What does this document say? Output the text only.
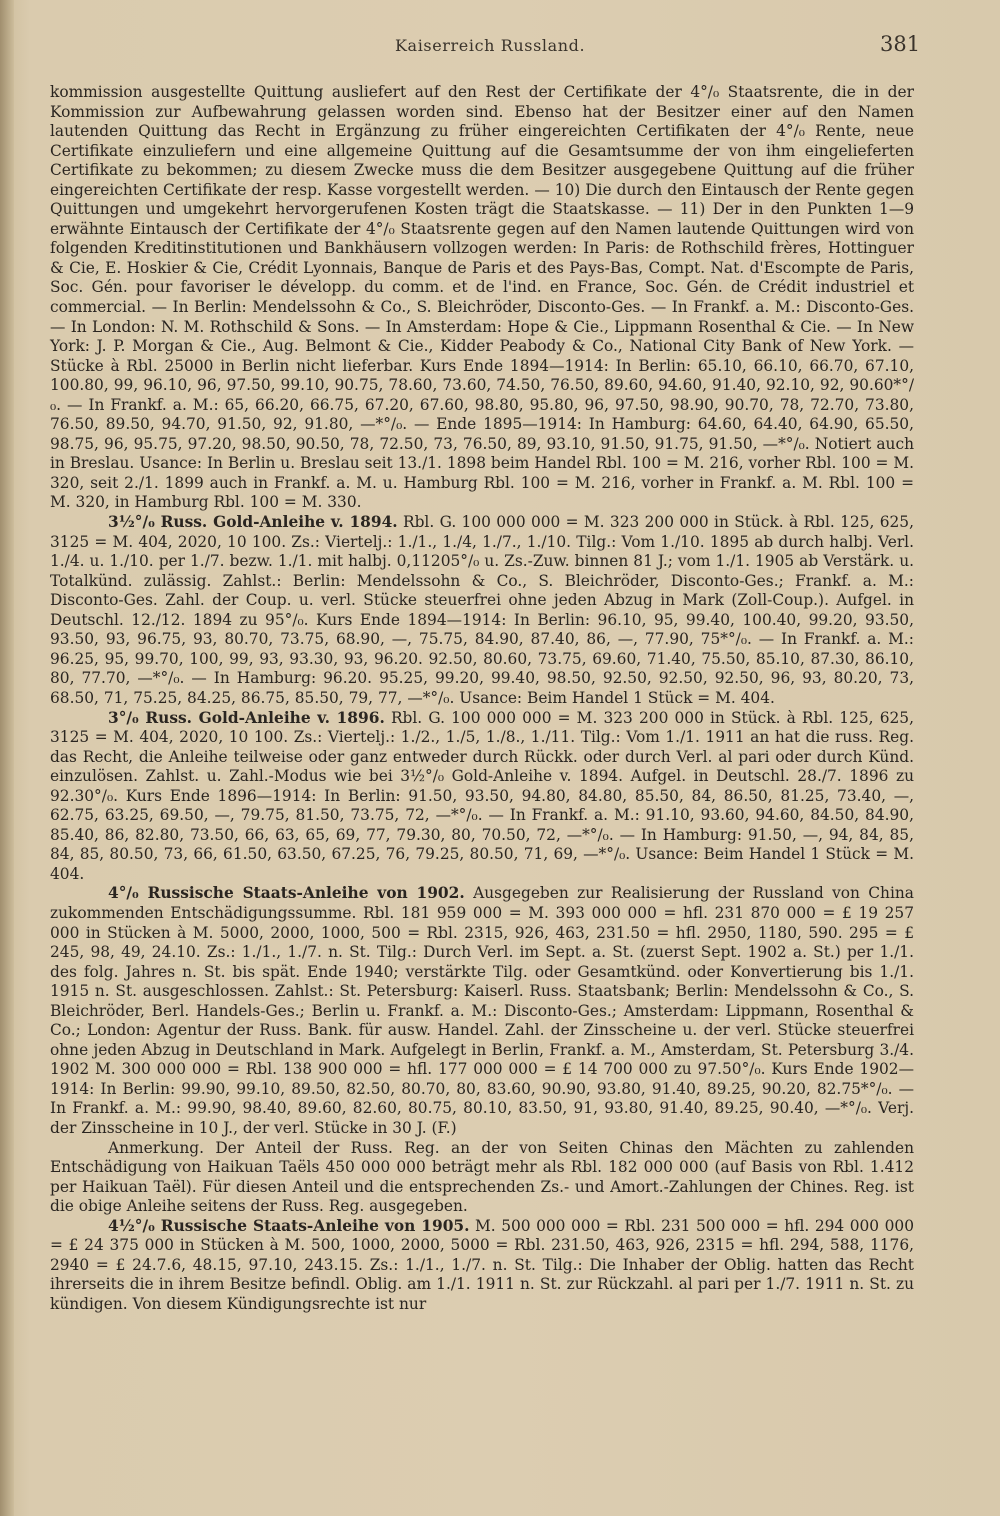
Kaiserreich Russland.	381

kommission ausgestellte Quittung ausliefert auf den Rest der Certifikate der 4°/₀ Staatsrente, die in der Kommission zur Aufbewahrung gelassen worden sind. Ebenso hat der Besitzer einer auf den Namen lautenden Quittung das Recht in Ergänzung zu früher eingereichten Certifikaten der 4°/₀ Rente, neue Certifikate einzuliefern und eine allgemeine Quittung auf die Gesamtsumme der von ihm eingelieferten Certifikate zu bekommen; zu diesem Zwecke muss die dem Besitzer ausgegebene Quittung auf die früher eingereichten Certifikate der resp. Kasse vorgestellt werden. — 10) Die durch den Eintausch der Rente gegen Quittungen und umgekehrt hervorgerufenen Kosten trägt die Staatskasse. — 11) Der in den Punkten 1—9 erwähnte Eintausch der Certifikate der 4°/₀ Staatsrente gegen auf den Namen lautende Quittungen wird von folgenden Kreditinstitutionen und Bankhäusern vollzogen werden: In Paris: de Rothschild frères, Hottinguer & Cie, E. Hoskier & Cie, Crédit Lyonnais, Banque de Paris et des Pays-Bas, Compt. Nat. d'Escompte de Paris, Soc. Gén. pour favoriser le développ. du comm. et de l'ind. en France, Soc. Gén. de Crédit industriel et commercial. — In Berlin: Mendelssohn & Co., S. Bleichröder, Disconto-Ges. — In Frankf. a. M.: Disconto-Ges. — In London: N. M. Rothschild & Sons. — In Amsterdam: Hope & Cie., Lippmann Rosenthal & Cie. — In New York: J. P. Morgan & Cie., Aug. Belmont & Cie., Kidder Peabody & Co., National City Bank of New York. — Stücke à Rbl. 25000 in Berlin nicht lieferbar. Kurs Ende 1894—1914: In Berlin: 65.10, 66.10, 66.70, 67.10, 100.80, 99, 96.10, 96, 97.50, 99.10, 90.75, 78.60, 73.60, 74.50, 76.50, 89.60, 94.60, 91.40, 92.10, 92, 90.60*°/₀. — In Frankf. a. M.: 65, 66.20, 66.75, 67.20, 67.60, 98.80, 95.80, 96, 97.50, 98.90, 90.70, 78, 72.70, 73.80, 76.50, 89.50, 94.70, 91.50, 92, 91.80, —*°/₀. — Ende 1895—1914: In Hamburg: 64.60, 64.40, 64.90, 65.50, 98.75, 96, 95.75, 97.20, 98.50, 90.50, 78, 72.50, 73, 76.50, 89, 93.10, 91.50, 91.75, 91.50, —*°/₀. Notiert auch in Breslau. Usance: In Berlin u. Breslau seit 13./1. 1898 beim Handel Rbl. 100 = M. 216, vorher Rbl. 100 = M. 320, seit 2./1. 1899 auch in Frankf. a. M. u. Hamburg Rbl. 100 = M. 216, vorher in Frankf. a. M. Rbl. 100 = M. 320, in Hamburg Rbl. 100 = M. 330.

3½°/₀ Russ. Gold-Anleihe v. 1894. Rbl. G. 100 000 000 = M. 323 200 000 in Stück. à Rbl. 125, 625, 3125 = M. 404, 2020, 10 100. Zs.: Viertelj.: 1./1., 1./4, 1./7., 1./10. Tilg.: Vom 1./10. 1895 ab durch halbj. Verl. 1./4. u. 1./10. per 1./7. bezw. 1./1. mit halbj. 0,11205°/₀ u. Zs.-Zuw. binnen 81 J.; vom 1./1. 1905 ab Verstärk. u. Totalkünd. zulässig. Zahlst.: Berlin: Mendelssohn & Co., S. Bleichröder, Disconto-Ges.; Frankf. a. M.: Disconto-Ges. Zahl. der Coup. u. verl. Stücke steuerfrei ohne jeden Abzug in Mark (Zoll-Coup.). Aufgel. in Deutschl. 12./12. 1894 zu 95°/₀. Kurs Ende 1894—1914: In Berlin: 96.10, 95, 99.40, 100.40, 99.20, 93.50, 93.50, 93, 96.75, 93, 80.70, 73.75, 68.90, —, 75.75, 84.90, 87.40, 86, —, 77.90, 75*°/₀. — In Frankf. a. M.: 96.25, 95, 99.70, 100, 99, 93, 93.30, 93, 96.20. 92.50, 80.60, 73.75, 69.60, 71.40, 75.50, 85.10, 87.30, 86.10, 80, 77.70, —*°/₀. — In Hamburg: 96.20. 95.25, 99.20, 99.40, 98.50, 92.50, 92.50, 92.50, 96, 93, 80.20, 73, 68.50, 71, 75.25, 84.25, 86.75, 85.50, 79, 77, —*°/₀. Usance: Beim Handel 1 Stück = M. 404.

3°/₀ Russ. Gold-Anleihe v. 1896. Rbl. G. 100 000 000 = M. 323 200 000 in Stück. à Rbl. 125, 625, 3125 = M. 404, 2020, 10 100. Zs.: Viertelj.: 1./2., 1./5, 1./8., 1./11. Tilg.: Vom 1./1. 1911 an hat die russ. Reg. das Recht, die Anleihe teilweise oder ganz entweder durch Rückk. oder durch Verl. al pari oder durch Künd. einzulösen. Zahlst. u. Zahl.-Modus wie bei 3½°/₀ Gold-Anleihe v. 1894. Aufgel. in Deutschl. 28./7. 1896 zu 92.30°/₀. Kurs Ende 1896—1914: In Berlin: 91.50, 93.50, 94.80, 84.80, 85.50, 84, 86.50, 81.25, 73.40, —, 62.75, 63.25, 69.50, —, 79.75, 81.50, 73.75, 72, —*°/₀. — In Frankf. a. M.: 91.10, 93.60, 94.60, 84.50, 84.90, 85.40, 86, 82.80, 73.50, 66, 63, 65, 69, 77, 79.30, 80, 70.50, 72, —*°/₀. — In Hamburg: 91.50, —, 94, 84, 85, 84, 85, 80.50, 73, 66, 61.50, 63.50, 67.25, 76, 79.25, 80.50, 71, 69, —*°/₀. Usance: Beim Handel 1 Stück = M. 404.

4°/₀ Russische Staats-Anleihe von 1902. Ausgegeben zur Realisierung der Russland von China zukommenden Entschädigungssumme. Rbl. 181 959 000 = M. 393 000 000 = hfl. 231 870 000 = £ 19 257 000 in Stücken à M. 5000, 2000, 1000, 500 = Rbl. 2315, 926, 463, 231.50 = hfl. 2950, 1180, 590. 295 = £ 245, 98, 49, 24.10. Zs.: 1./1., 1./7. n. St. Tilg.: Durch Verl. im Sept. a. St. (zuerst Sept. 1902 a. St.) per 1./1. des folg. Jahres n. St. bis spät. Ende 1940; verstärkte Tilg. oder Gesamtkünd. oder Konvertierung bis 1./1. 1915 n. St. ausgeschlossen. Zahlst.: St. Petersburg: Kaiserl. Russ. Staatsbank; Berlin: Mendelssohn & Co., S. Bleichröder, Berl. Handels-Ges.; Berlin u. Frankf. a. M.: Disconto-Ges.; Amsterdam: Lippmann, Rosenthal & Co.; London: Agentur der Russ. Bank. für ausw. Handel. Zahl. der Zinsscheine u. der verl. Stücke steuerfrei ohne jeden Abzug in Deutschland in Mark. Aufgelegt in Berlin, Frankf. a. M., Amsterdam, St. Petersburg 3./4. 1902 M. 300 000 000 = Rbl. 138 900 000 = hfl. 177 000 000 = £ 14 700 000 zu 97.50°/₀. Kurs Ende 1902—1914: In Berlin: 99.90, 99.10, 89.50, 82.50, 80.70, 80, 83.60, 90.90, 93.80, 91.40, 89.25, 90.20, 82.75*°/₀. — In Frankf. a. M.: 99.90, 98.40, 89.60, 82.60, 80.75, 80.10, 83.50, 91, 93.80, 91.40, 89.25, 90.40, —*°/₀. Verj. der Zinsscheine in 10 J., der verl. Stücke in 30 J. (F.)

Anmerkung. Der Anteil der Russ. Reg. an der von Seiten Chinas den Mächten zu zahlenden Entschädigung von Haikuan Taëls 450 000 000 beträgt mehr als Rbl. 182 000 000 (auf Basis von Rbl. 1.412 per Haikuan Taël). Für diesen Anteil und die entsprechenden Zs.- und Amort.-Zahlungen der Chines. Reg. ist die obige Anleihe seitens der Russ. Reg. ausgegeben.

4½°/₀ Russische Staats-Anleihe von 1905. M. 500 000 000 = Rbl. 231 500 000 = hfl. 294 000 000 = £ 24 375 000 in Stücken à M. 500, 1000, 2000, 5000 = Rbl. 231.50, 463, 926, 2315 = hfl. 294, 588, 1176, 2940 = £ 24.7.6, 48.15, 97.10, 243.15. Zs.: 1./1., 1./7. n. St. Tilg.: Die Inhaber der Oblig. hatten das Recht ihrerseits die in ihrem Besitze befindl. Oblig. am 1./1. 1911 n. St. zur Rückzahl. al pari per 1./7. 1911 n. St. zu kündigen. Von diesem Kündigungsrechte ist nur
